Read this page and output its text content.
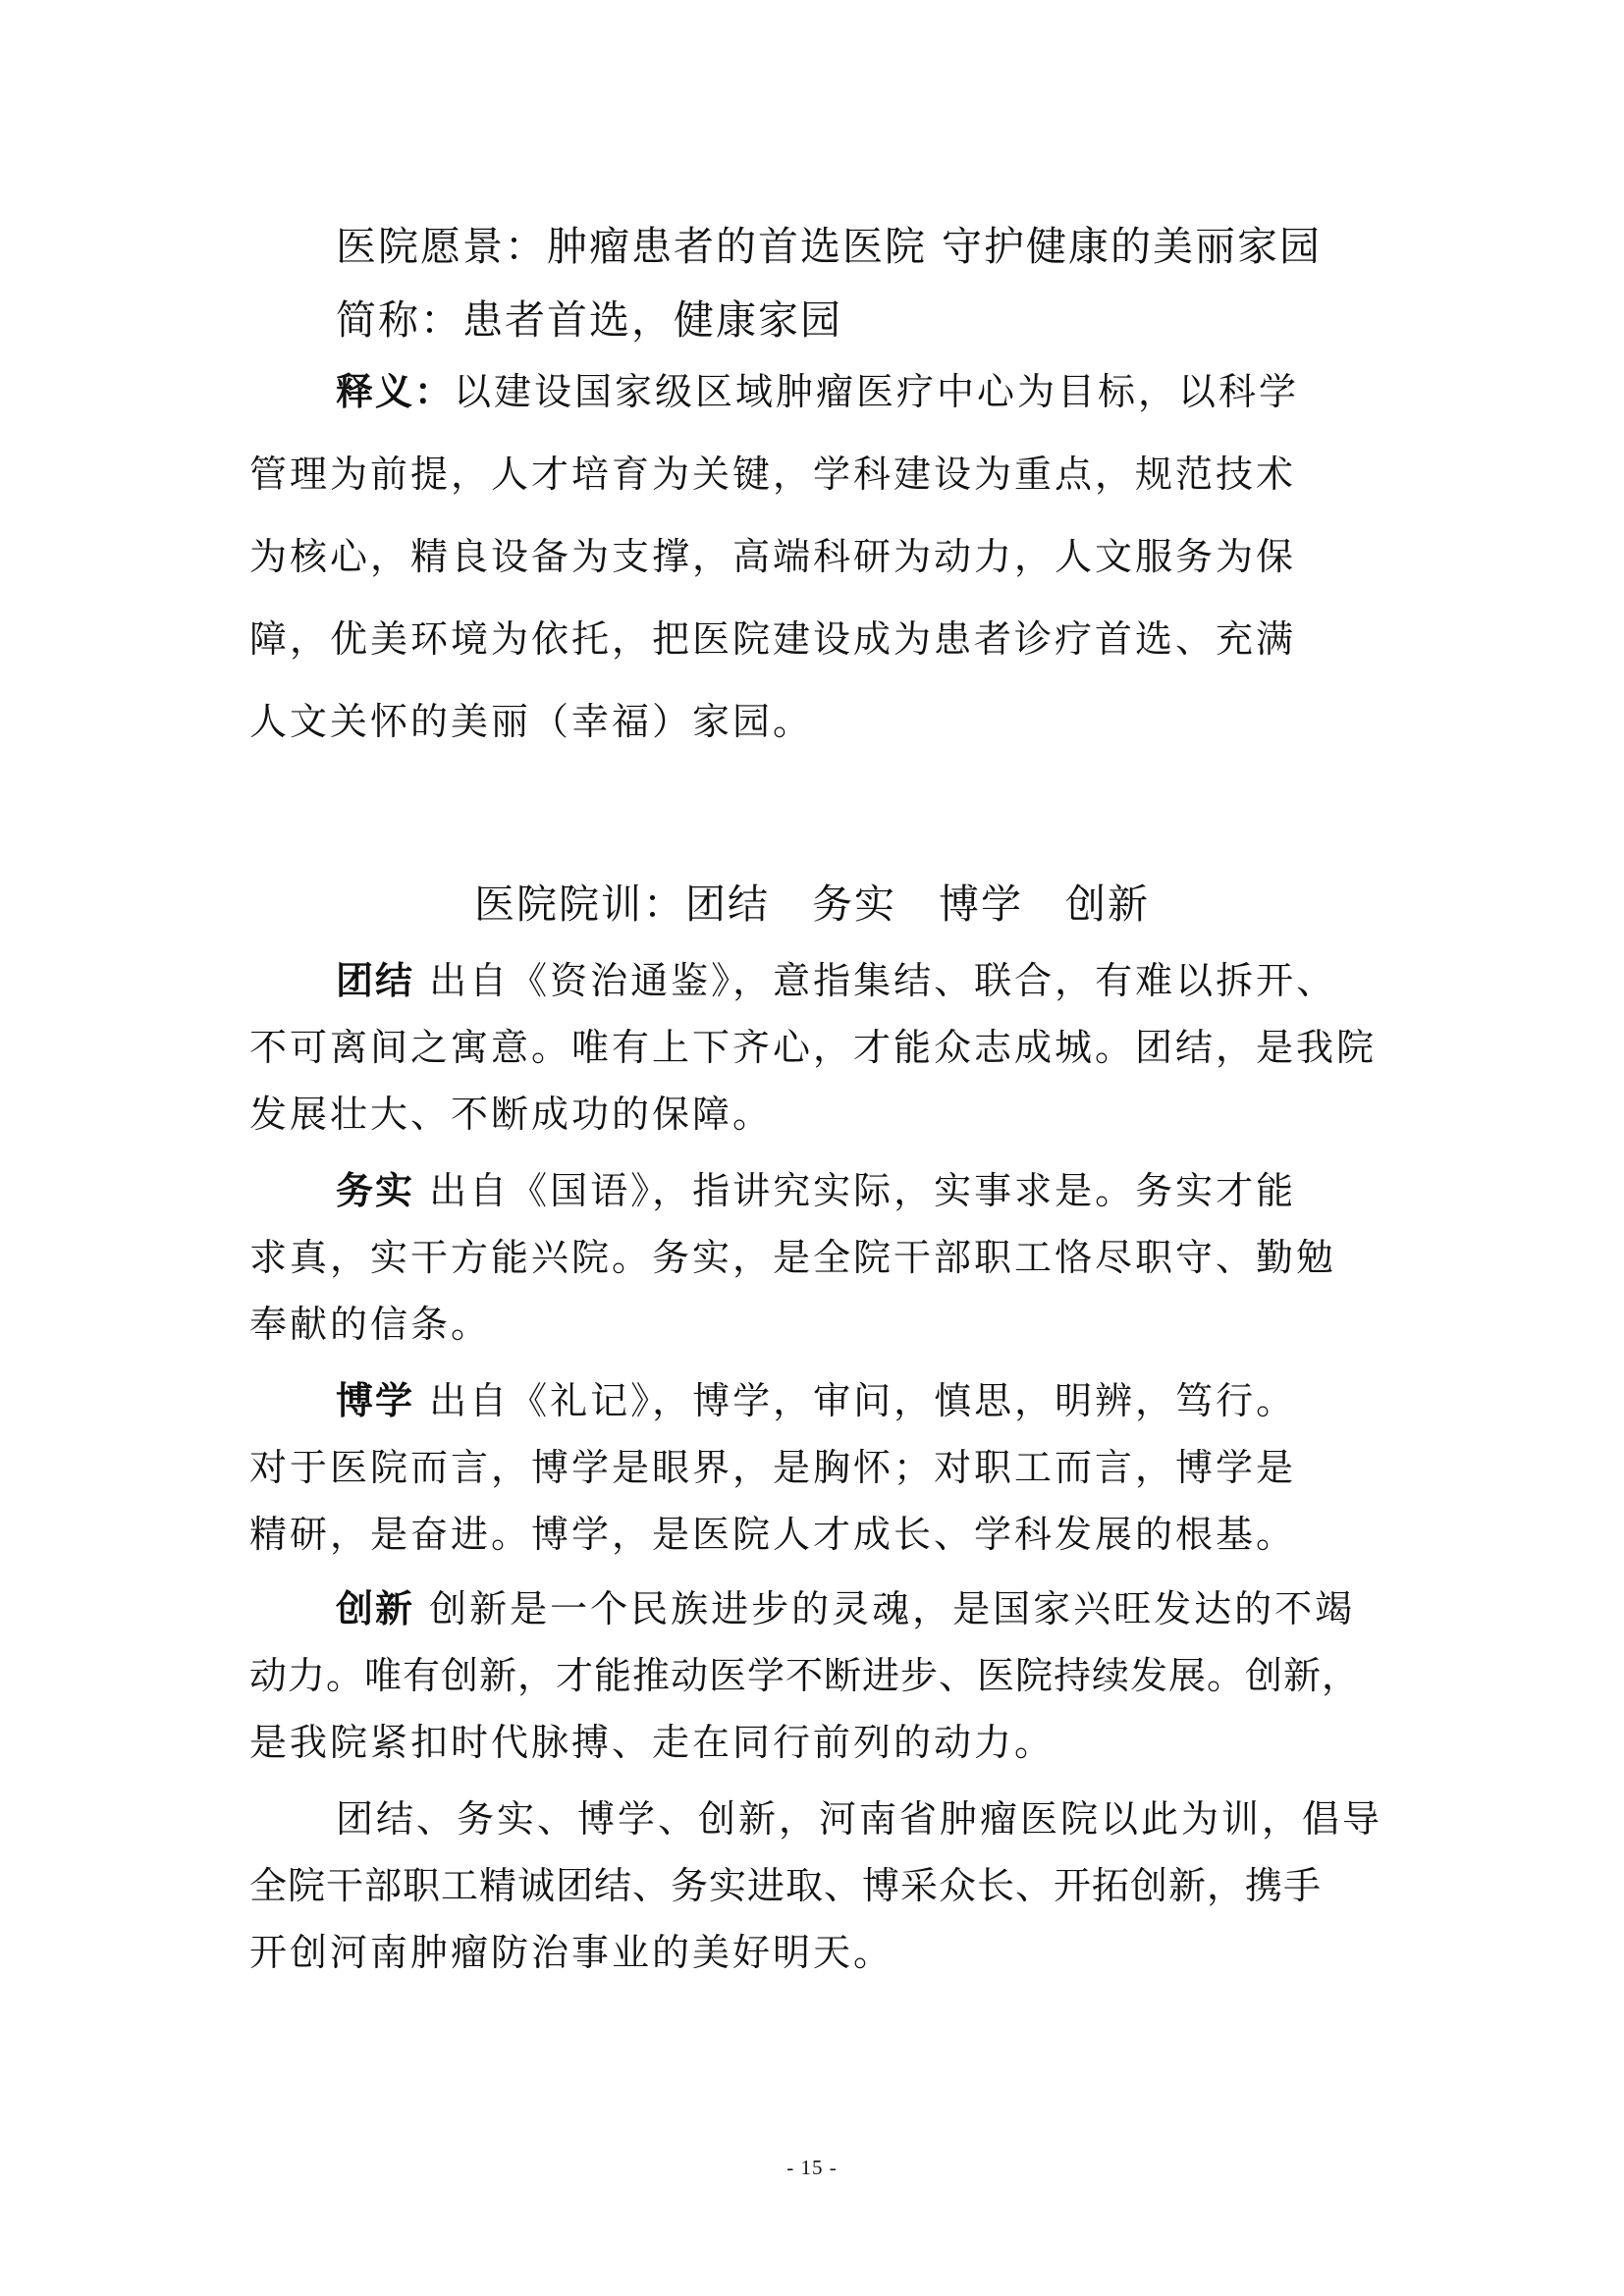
医院愿景：肿瘤患者的首选医院 守护健康的美丽家园
简称：患者首选，健康家园
释义：以建设国家级区域肿瘤医疗中心为目标，以科学
管理为前提，人才培育为关键，学科建设为重点，规范技术
为核心，精良设备为支撑，高端科研为动力，人文服务为保
障，优美环境为依托，把医院建设成为患者诊疗首选、充满
人文关怀的美丽（幸福）家园。
医院院训：团结　务实　博学　创新
团结 出自《资治通鉴》，意指集结、联合，有难以拆开、
不可离间之寓意。唯有上下齐心，才能众志成城。团结，是我院
发展壮大、不断成功的保障。
务实 出自《国语》，指讲究实际，实事求是。务实才能
求真，实干方能兴院。务实，是全院干部职工恪尽职守、勤勉
奉献的信条。
博学 出自《礼记》，博学，审问，慎思，明辨，笃行。
对于医院而言，博学是眼界，是胸怀；对职工而言，博学是
精研，是奋进。博学，是医院人才成长、学科发展的根基。
创新 创新是一个民族进步的灵魂，是国家兴旺发达的不竭
动力。唯有创新，才能推动医学不断进步、医院持续发展。创新，
是我院紧扣时代脉搏、走在同行前列的动力。
团结、务实、博学、创新，河南省肿瘤医院以此为训，倡导
全院干部职工精诚团结、务实进取、博采众长、开拓创新，携手
开创河南肿瘤防治事业的美好明天。
- 15 -
